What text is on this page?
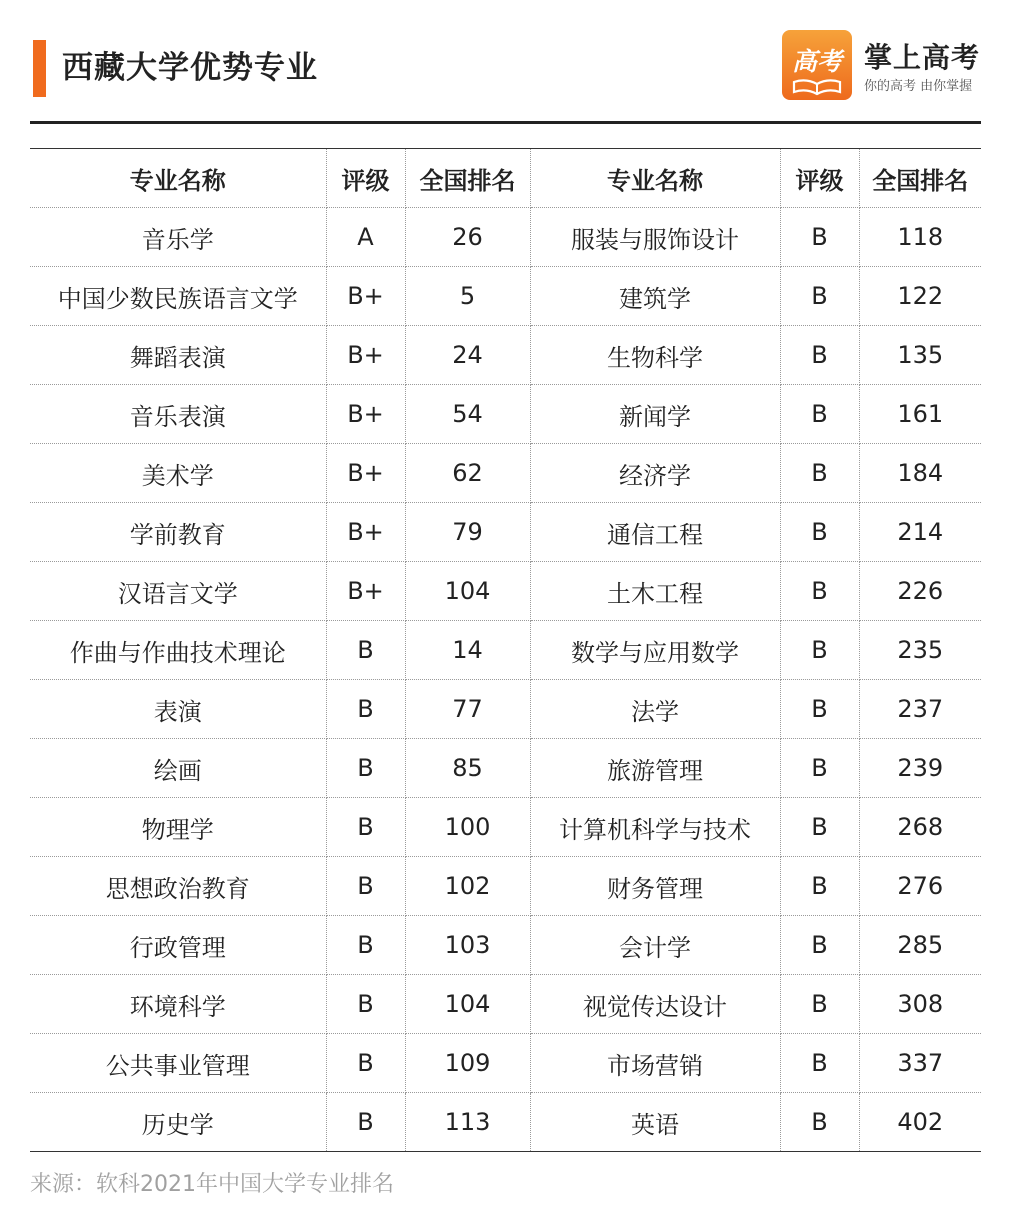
西藏大学优势专业	高考 掌上高考
你的高考 由你掌握
专业名称	评级	全国排名	专业名称	评级	全国排名
音乐学	A	26	服装与服饰设计	B	118
中国少数民族语言文学	B+	5	建筑学	B	122
舞蹈表演	B+	24	生物科学	B	135
音乐表演	B+	54	新闻学	B	161
美术学	B+	62	经济学	B	184
学前教育	B+	79	通信工程	B	214
汉语言文学	B+	104	土木工程	B	226
作曲与作曲技术理论	B	14	数学与应用数学	B	235
表演	B	77	法学	B	237
绘画	B	85	旅游管理	B	239
物理学	B	100	计算机科学与技术	B	268
思想政治教育	B	102	财务管理	B	276
行政管理	B	103	会计学	B	285
环境科学	B	104	视觉传达设计	B	308
公共事业管理	B	109	市场营销	B	337
历史学	B	113	英语	B	402
来源：软科2021年中国大学专业排名
